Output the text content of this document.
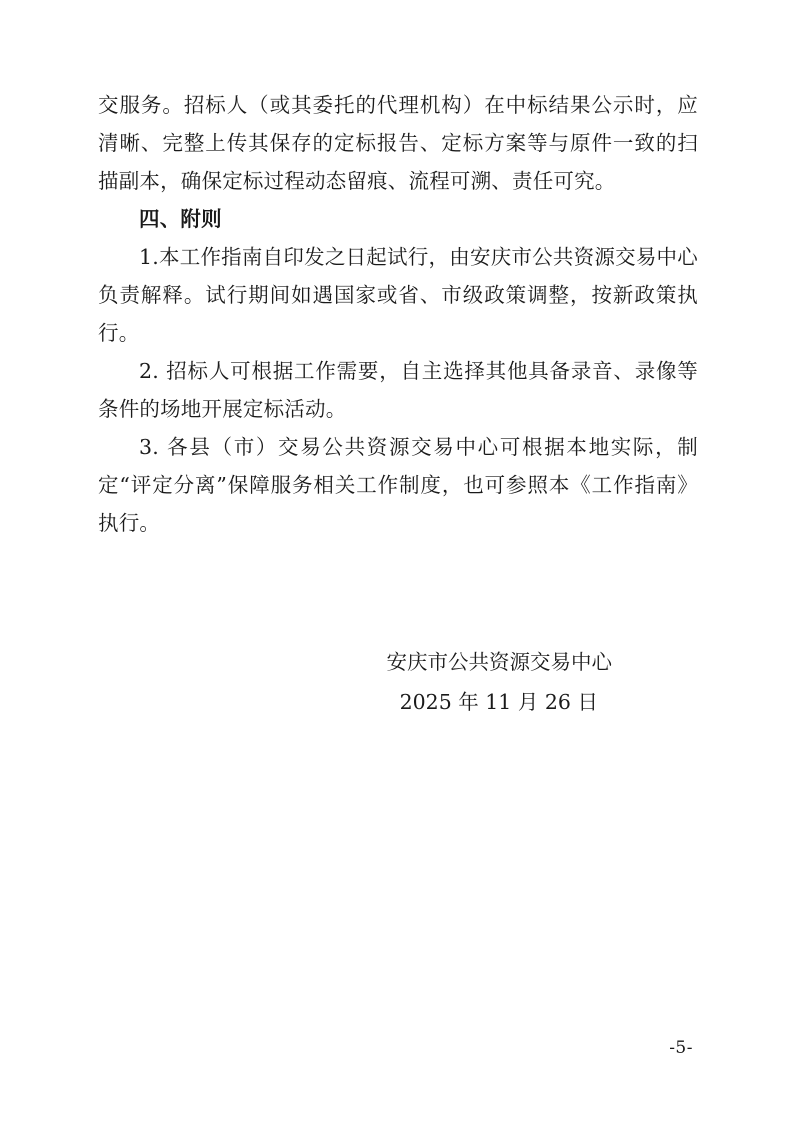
交服务。招标人（或其委托的代理机构）在中标结果公示时，应清晰、完整上传其保存的定标报告、定标方案等与原件一致的扫描副本，确保定标过程动态留痕、流程可溯、责任可究。

四、附则

1.本工作指南自印发之日起试行，由安庆市公共资源交易中心负责解释。试行期间如遇国家或省、市级政策调整，按新政策执行。

2. 招标人可根据工作需要，自主选择其他具备录音、录像等条件的场地开展定标活动。

3. 各县（市）交易公共资源交易中心可根据本地实际，制定“评定分离”保障服务相关工作制度，也可参照本《工作指南》执行。

安庆市公共资源交易中心
2025 年 11 月 26 日
-5-
